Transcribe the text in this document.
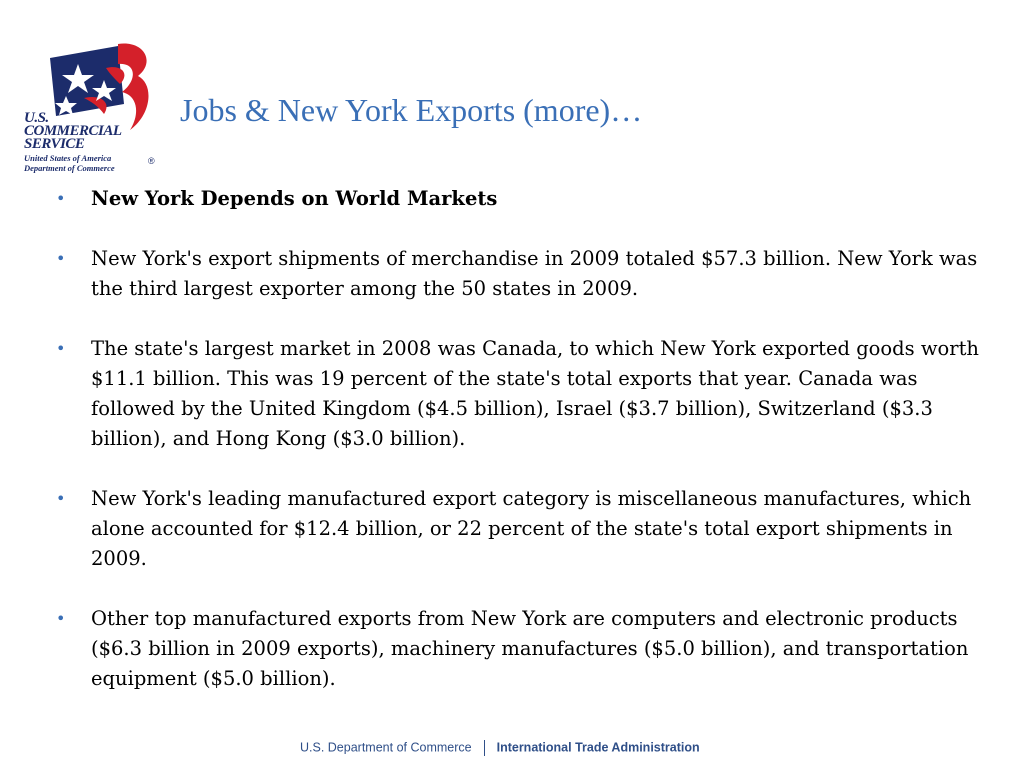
U.S.
COMMERCIAL
SERVICE
United States of America
Department of Commerce
®
Jobs & New York Exports (more)…
• New York Depends on World Markets
• New York's export shipments of merchandise in 2009 totaled $57.3 billion. New York was the third largest exporter among the 50 states in 2009.
• The state's largest market in 2008 was Canada, to which New York exported goods worth $11.1 billion. This was 19 percent of the state's total exports that year. Canada was followed by the United Kingdom ($4.5 billion), Israel ($3.7 billion), Switzerland ($3.3 billion), and Hong Kong ($3.0 billion).
• New York's leading manufactured export category is miscellaneous manufactures, which alone accounted for $12.4 billion, or 22 percent of the state's total export shipments in 2009.
• Other top manufactured exports from New York are computers and electronic products ($6.3 billion in 2009 exports), machinery manufactures ($5.0 billion), and transportation equipment ($5.0 billion).
U.S. Department of Commerce International Trade Administration
